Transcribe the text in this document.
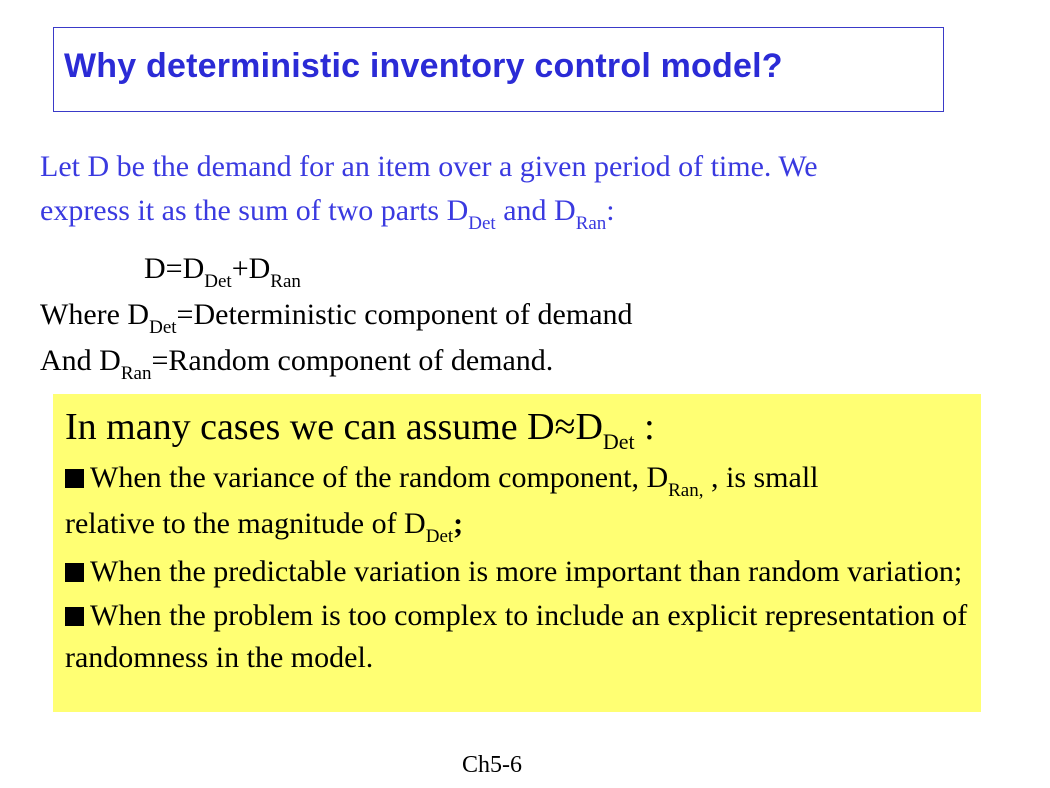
Why deterministic inventory control model?

Let D be the demand for an item over a given period of time. We
express it as the sum of two parts $D_{Det}$ and $D_{Ran}$:

$D=D_{Det}+D_{Ran}$
Where $D_{Det}=Deterministic$ component of demand
And $D_{Ran}=Random$ component of demand.

In many cases we can assume $D\approx D_{Det}$ :

When the variance of the random component, $D_{Ran,}$ , is small
relative to the magnitude of $D_{Det}$;

When the predictable variation is more important than random variation;

When the problem is too complex to include an explicit representation of randomness in the model.

Ch5-6
